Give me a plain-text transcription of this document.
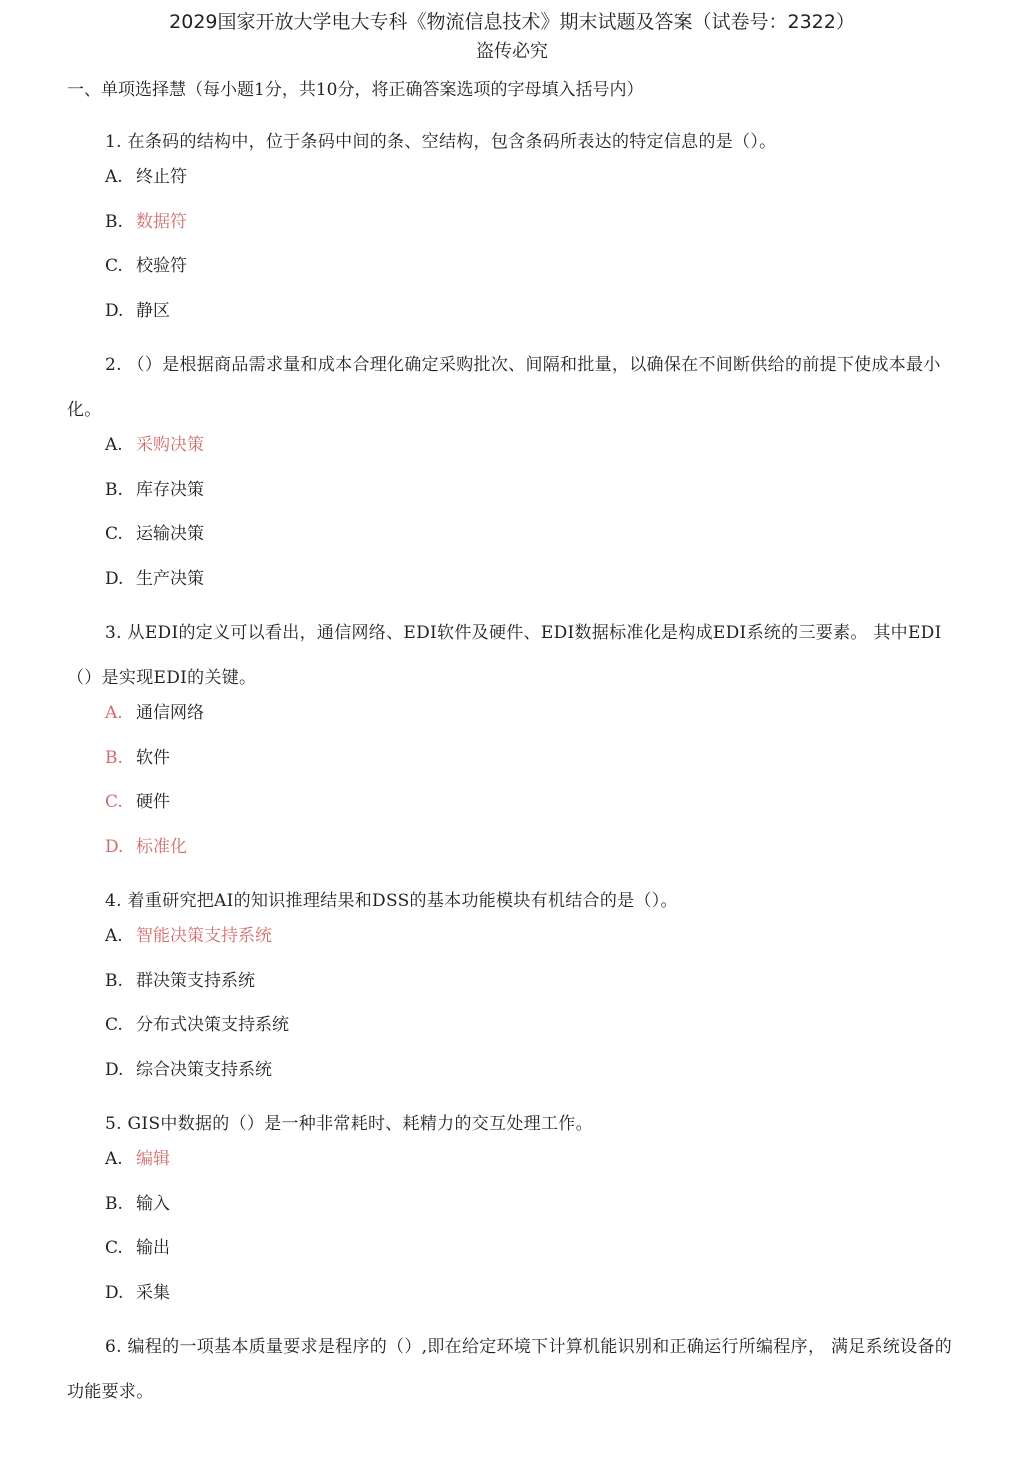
2029国家开放大学电大专科《物流信息技术》期末试题及答案（试卷号：2322）
盗传必究
一、单项选择慧（每小题1分，共10分，将正确答案选项的字母填入括号内）

1. 在条码的结构中，位于条码中间的条、空结构，包含条码所表达的特定信息的是（）。

A. 终止符
B. 数据符
C. 校验符
D. 静区

2. （）是根据商品需求量和成本合理化确定采购批次、间隔和批量，以确保在不间断供给的前提下使成本最小化。

A. 采购决策
B. 库存决策
C. 运输决策
D. 生产决策

3. 从EDI的定义可以看出，通信网络、EDI软件及硬件、EDI数据标准化是构成EDI系统的三要素。 其中EDI （）是实现EDI的关键。

A. 通信网络
B. 软件
C. 硬件
D. 标准化

4. 着重研究把AI的知识推理结果和DSS的基本功能模块有机结合的是（）。

A. 智能决策支持系统
B. 群决策支持系统
C. 分布式决策支持系统
D. 综合决策支持系统

5. GIS中数据的（）是一种非常耗时、耗精力的交互处理工作。

A. 编辑
B. 输入
C. 输出
D. 采集

6. 编程的一项基本质量要求是程序的（）,即在给定环境下计算机能识别和正确运行所编程序， 满足系统设备的功能要求。
